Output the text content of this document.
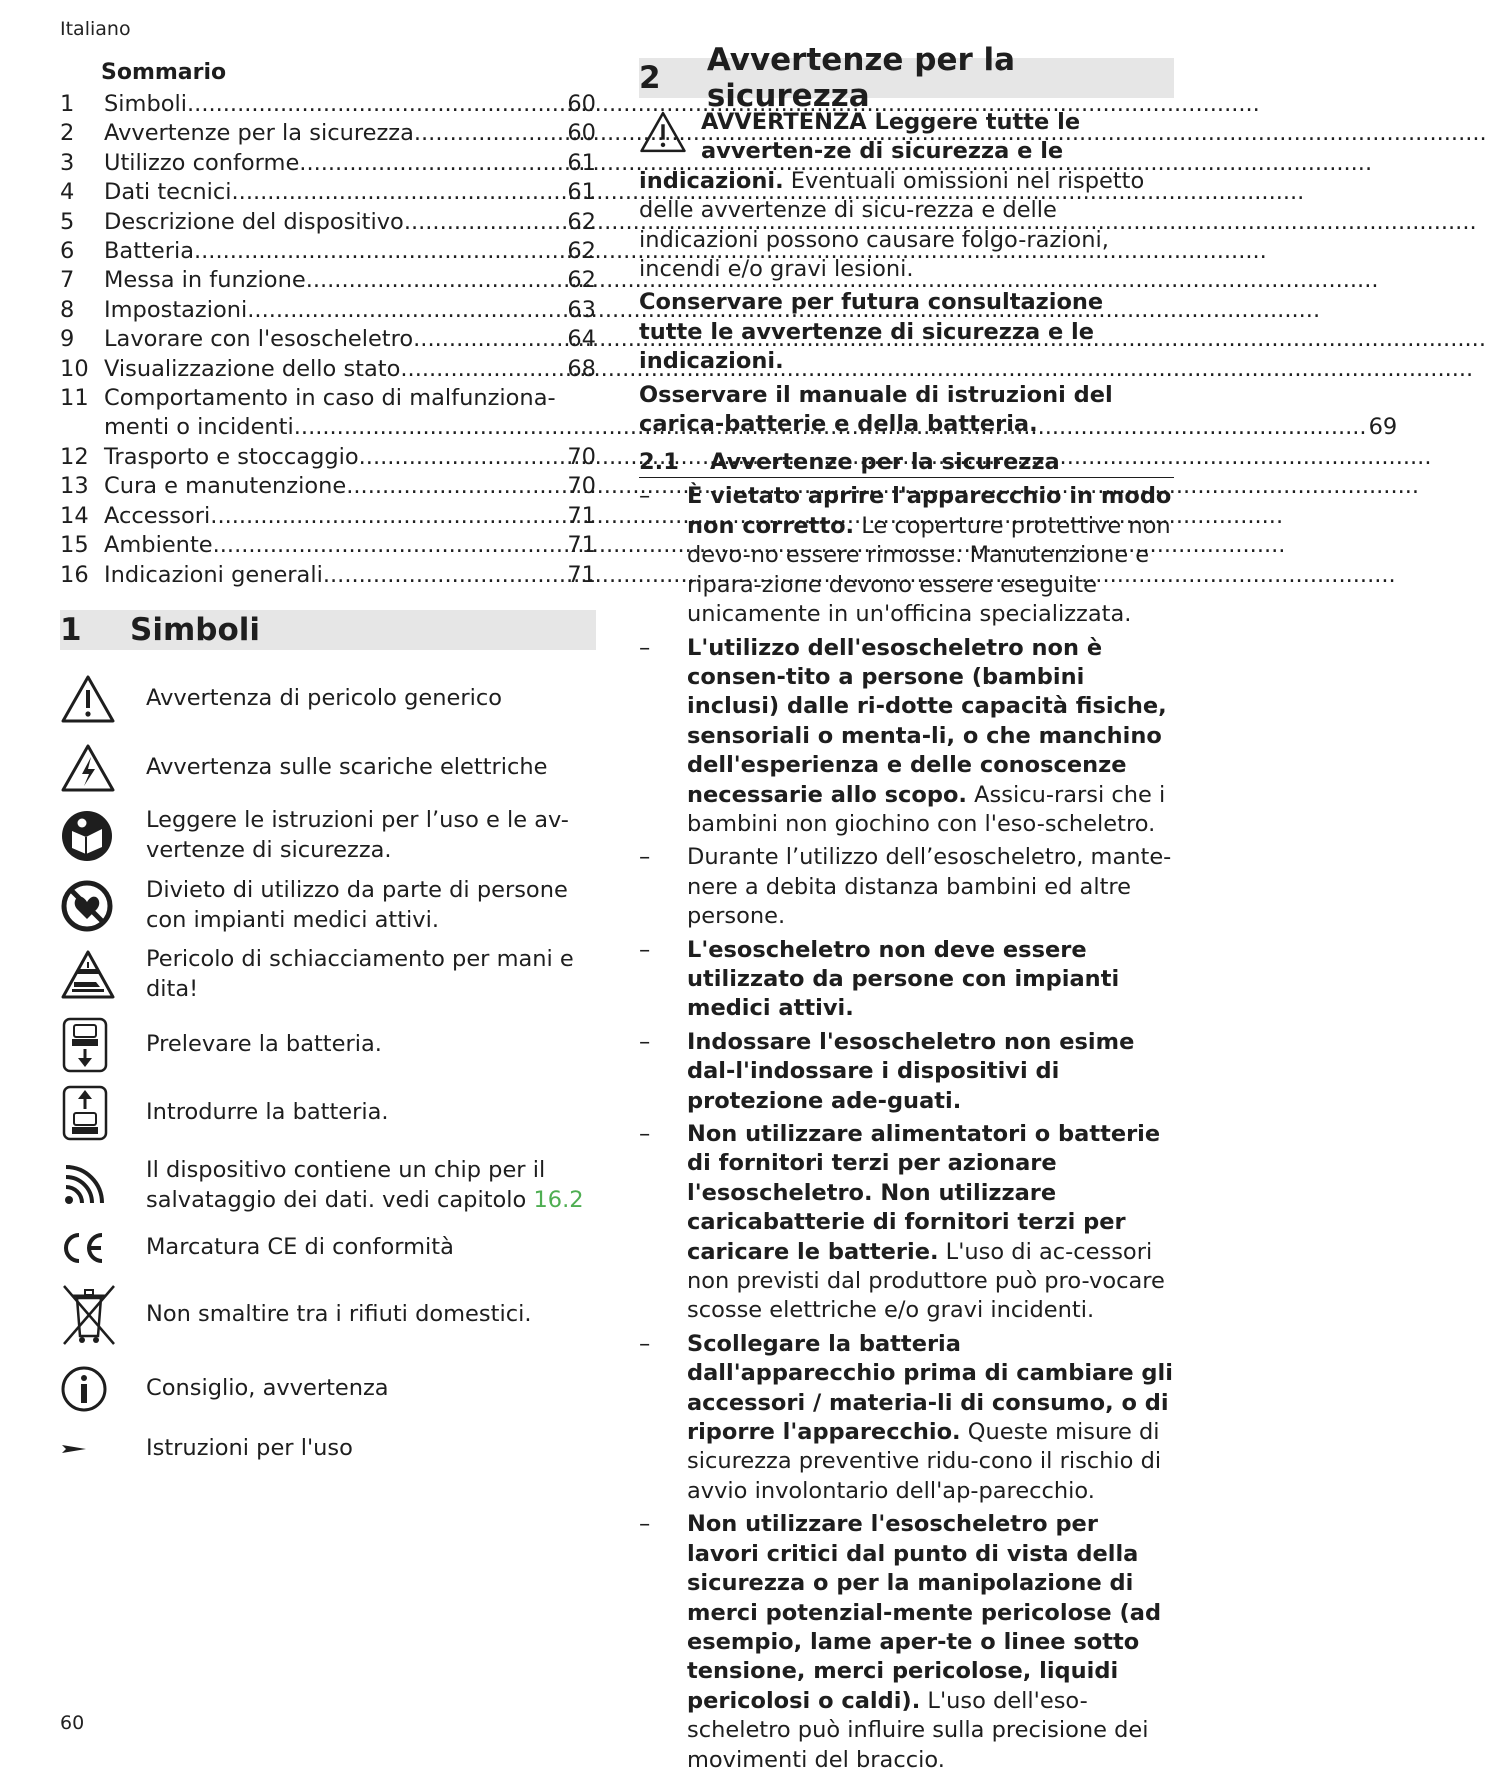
Italiano
Sommario
1	Simboli .....	60
2	Avvertenze per la sicurezza .....	60
3	Utilizzo conforme .....	61
4	Dati tecnici .....	61
5	Descrizione del dispositivo .....	62
6	Batteria .....	62
7	Messa in funzione .....	62
8	Impostazioni .....	63
9	Lavorare con l'esoscheletro .....	64
10 Visualizzazione dello stato .....	68
11 Comportamento in caso di malfunziona-
menti o incidenti .....	69
12 Trasporto e stoccaggio .....	70
13 Cura e manutenzione .....	70
14 Accessori .....	71
15 Ambiente .....	71
16 Indicazioni generali .....	71
1	Simboli
Avvertenza di pericolo generico
Avvertenza sulle scariche elettriche
Leggere le istruzioni per l’uso e le av-vertenze di sicurezza.
Divieto di utilizzo da parte di persone con impianti medici attivi.
Pericolo di schiacciamento per mani e dita!
Prelevare la batteria.
Introdurre la batteria.
Il dispositivo contiene un chip per il salvataggio dei dati. vedi capitolo 16.2
Marcatura CE di conformità
Non smaltire tra i rifiuti domestici.
Consiglio, avvertenza
Istruzioni per l'uso
2	Avvertenze per la sicurezza
AVVERTENZA Leggere tutte le avverten-ze di sicurezza e le indicazioni. Eventuali omissioni nel rispetto delle avvertenze di sicu-rezza e delle indicazioni possono causare folgo-razioni, incendi e/o gravi lesioni.

Conservare per futura consultazione tutte le avvertenze di sicurezza e le indicazioni.

Osservare il manuale di istruzioni del carica-batterie e della batteria.

2.1	Avvertenze per la sicurezza
–	È vietato aprire l'apparecchio in modo non corretto. Le coperture protettive non devo-no essere rimosse. Manutenzione e ripara-zione devono essere eseguite unicamente in un'officina specializzata.
–	L'utilizzo dell'esoscheletro non è consen-tito a persone (bambini inclusi) dalle ri-dotte capacità fisiche, sensoriali o menta-li, o che manchino dell'esperienza e delle conoscenze necessarie allo scopo. Assicu-rarsi che i bambini non giochino con l'eso-scheletro.
–	Durante l’utilizzo dell’esoscheletro, mante-nere a debita distanza bambini ed altre persone.
–	L'esoscheletro non deve essere utilizzato da persone con impianti medici attivi.
–	Indossare l'esoscheletro non esime dal-l'indossare i dispositivi di protezione ade-guati.
–	Non utilizzare alimentatori o batterie di fornitori terzi per azionare l'esoscheletro. Non utilizzare caricabatterie di fornitori terzi per caricare le batterie. L'uso di ac-cessori non previsti dal produttore può pro-vocare scosse elettriche e/o gravi incidenti.
–	Scollegare la batteria dall'apparecchio prima di cambiare gli accessori / materia-li di consumo, o di riporre l'apparecchio. Queste misure di sicurezza preventive ridu-cono il rischio di avvio involontario dell'ap-parecchio.
–	Non utilizzare l'esoscheletro per lavori critici dal punto di vista della sicurezza o per la manipolazione di merci potenzial-mente pericolose (ad esempio, lame aper-te o linee sotto tensione, merci pericolose, liquidi pericolosi o caldi). L'uso dell'eso-scheletro può influire sulla precisione dei movimenti del braccio.
60
